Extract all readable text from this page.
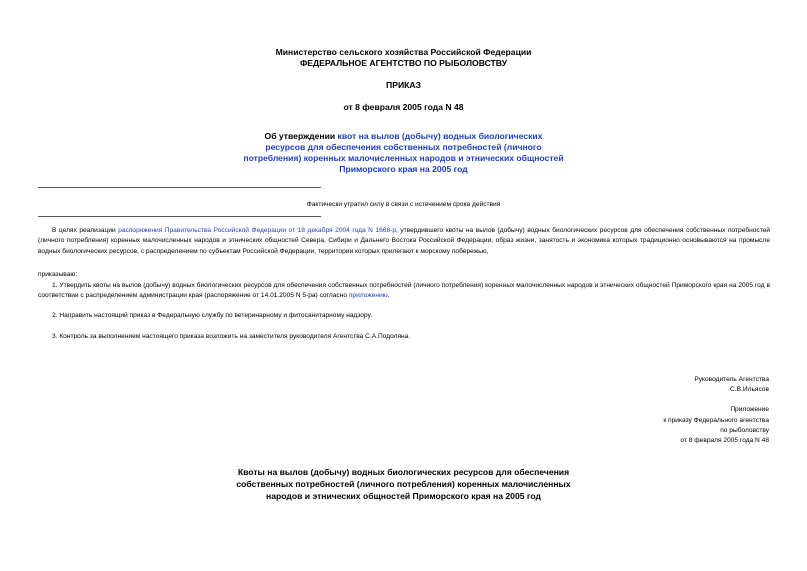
Министерство сельского хозяйства Российской Федерации
ФЕДЕРАЛЬНОЕ АГЕНТСТВО ПО РЫБОЛОВСТВУ
ПРИКАЗ
от 8 февраля 2005 года N 48
Об утверждении квот на вылов (добычу) водных биологических
ресурсов для обеспечения собственных потребностей (личного
потребления) коренных малочисленных народов и этнических общностей
Приморского края на 2005 год
Фактически утратил силу в связи с истечением срока действия
В целях реализации распоряжения Правительства Российской Федерации от 18 декабря 2004 года N 1668-р, утвердившего квоты на вылов (добычу) водных биологических ресурсов для обеспечения собственных потребностей (личного потребления) коренных малочисленных народов и этнических общностей Севера, Сибири и Дальнего Востока Российской Федерации, образ жизни, занятость и экономика которых традиционно основываются на промысле водных биологических ресурсов, с распределением по субъектам Российской Федерации, территории которых прилегают к морскому побережью,
приказываю:
1. Утвердить квоты на вылов (добычу) водных биологических ресурсов для обеспечения собственных потребностей (личного потребления) коренных малочисленных народов и этнических общностей Приморского края на 2005 год в соответствии с распределением администрации края (распоряжение от 14.01.2005 N 5-ра) согласно приложению.
2. Направить настоящий приказ в Федеральную службу по ветеринарному и фитосанитарному надзору.
3. Контроль за выполнением настоящего приказа возложить на заместителя руководителя Агентства С.А.Подоляна.
Руководитель Агентства
С.В.Ильясов
Приложение
к приказу Федерального агентства
по рыболовству
от 8 февраля 2005 года N 48
Квоты на вылов (добычу) водных биологических ресурсов для обеспечения
собственных потребностей (личного потребления) коренных малочисленных
народов и этнических общностей Приморского края на 2005 год
